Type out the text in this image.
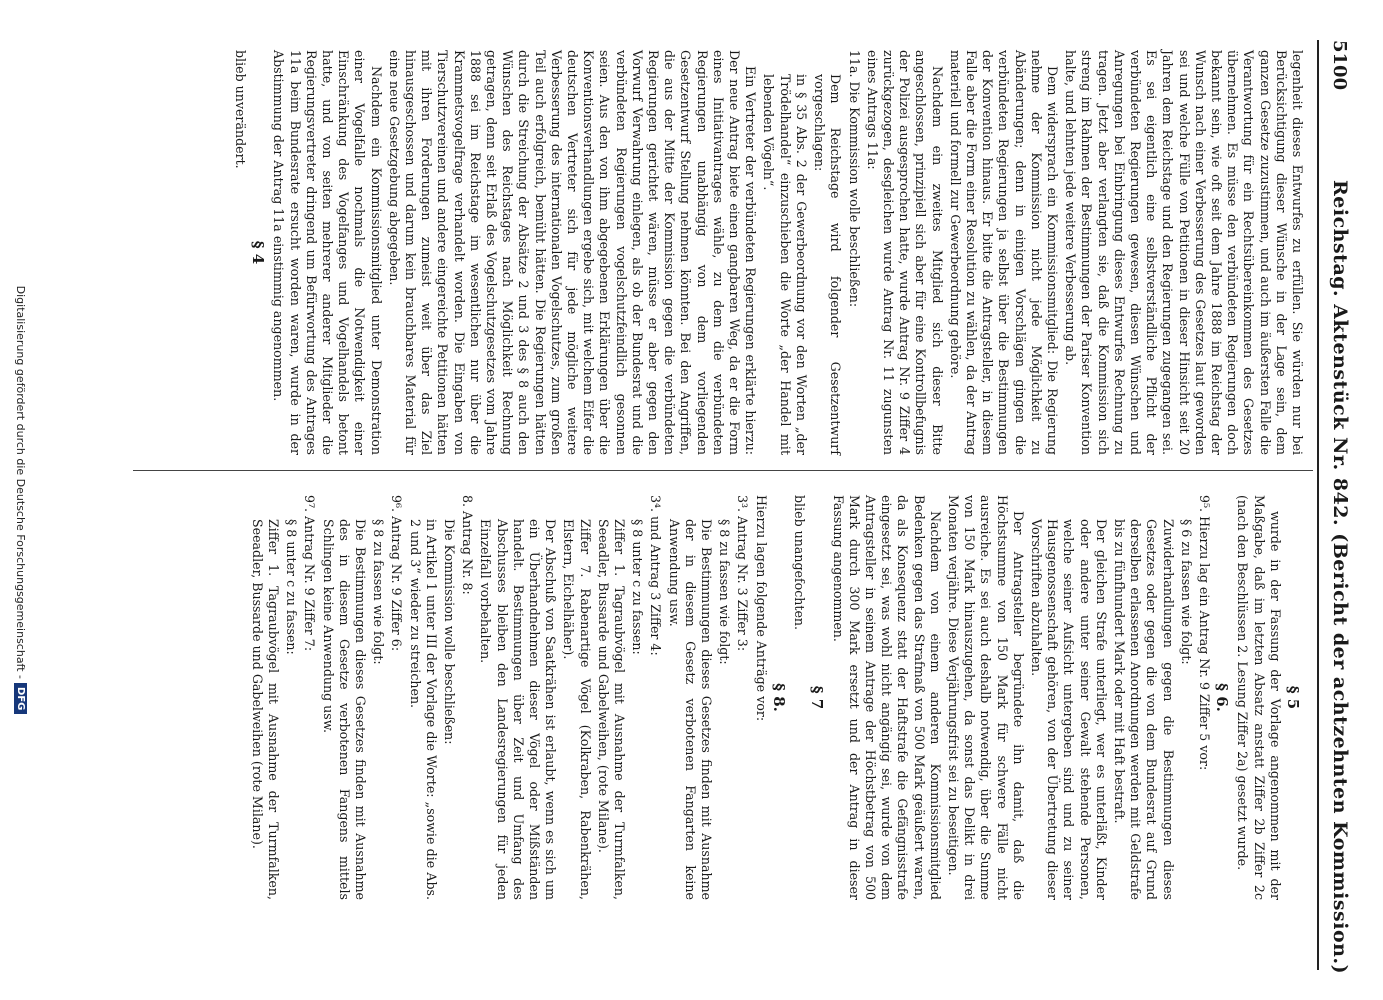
5100
Reichstag. Aktenstück Nr. 842. (Bericht der achtzehnten Kommission.)

legenheit dieses Entwurfes zu erfüllen. Sie würden nur bei Berücksichtigung dieser Wünsche in der Lage sein, dem ganzen Gesetze zuzustimmen, und auch im äußersten Falle die Verantwortung für ein Rechtsübereinkommen des Gesetzes übernehmen. Es müsse den verbündeten Regierungen doch bekannt sein, wie oft seit dem Jahre 1888 im Reichstag der Wunsch nach einer Verbesserung des Gesetzes laut geworden sei und welche Fülle von Petitionen in dieser Hinsicht seit 20 Jahren dem Reichstage und den Regierungen zugegangen sei. Es sei eigentlich eine selbstverständliche Pflicht der verbündeten Regierungen gewesen, diesen Wünschen und Anregungen bei Einbringung dieses Entwurfes Rechnung zu tragen. Jetzt aber verlangten sie, daß die Kommission sich streng im Rahmen der Bestimmungen der Pariser Konvention halte, und lehnten jede weitere Verbesserung ab.

Dem widersprach ein Kommissionsmitglied: Die Regierung nehme der Kommission nicht jede Möglichkeit zu Abänderungen; denn in einigen Vorschlägen gingen die verbündeten Regierungen ja selbst über die Bestimmungen der Konvention hinaus. Er bitte die Antragsteller, in diesem Falle aber die Form einer Resolution zu wählen, da der Antrag materiell und formell zur Gewerbeordnung gehöre.

Nachdem ein zweites Mitglied sich dieser Bitte angeschlossen, prinzipiell sich aber für eine Kontrollbefugnis der Polizei ausgesprochen hatte, wurde Antrag Nr. 9 Ziffer 4 zurückgezogen, desgleichen wurde Antrag Nr. 11 zugunsten eines Antrags 11a:

11a. Die Kommission wolle beschließen:

Dem Reichstage wird folgender Gesetzentwurf vorgeschlagen:

in § 35 Abs. 2 der Gewerbeordnung vor den Worten „der Trödelhandel“ einzuschieben die Worte „der Handel mit lebenden Vögeln“.

Ein Vertreter der verbündeten Regierungen erklärte hierzu: Der neue Antrag biete einen gangbaren Weg, da er die Form eines Initiativantrages wähle, zu dem die verbündeten Regierungen unabhängig von dem vorliegenden Gesetzentwurf Stellung nehmen könnten. Bei den Angriffen, die aus der Mitte der Kommission gegen die verbündeten Regierungen gerichtet wären, müsse er aber gegen den Vorwurf Verwahrung einlegen, als ob der Bundesrat und die verbündeten Regierungen vogelschutzfeindlich gesonnen seien. Aus den von ihm abgegebenen Erklärungen über die Konventionsverhandlungen ergebe sich, mit welchem Eifer die deutschen Vertreter sich für jede mögliche weitere Verbesserung des internationalen Vogelschutzes, zum großen Teil auch erfolgreich, bemüht hätten. Die Regierungen hätten durch die Streichung der Absätze 2 und 3 des § 8 auch den Wünschen des Reichstages nach Möglichkeit Rechnung getragen, denn seit Erlaß des Vogelschutzgesetzes vom Jahre 1888 sei im Reichstage im wesentlichen nur über die Krammetsvogelfrage verhandelt worden. Die Eingaben von Tierschutzvereinen und andere eingereichte Petitionen hätten mit ihren Forderungen zumeist weit über das Ziel hinausgeschossen und darum kein brauchbares Material für eine neue Gesetzgebung abgegeben.

Nachdem ein Kommissionsmitglied unter Demonstration einer Vogelfalle nochmals die Notwendigkeit einer Einschränkung des Vogelfanges und Vogelhandels betont hatte, und von seiten mehrerer anderer Mitglieder die Regierungsvertreter dringend um Befürwortung des Antrages 11a beim Bundesrate ersucht worden waren, wurde in der Abstimmung der Antrag 11a einstimmig angenommen.

§ 4

blieb unverändert.

§ 5

wurde in der Fassung der Vorlage angenommen mit der Maßgabe, daß im letzten Absatz anstatt Ziffer 2b Ziffer 2c (nach den Beschlüssen 2. Lesung Ziffer 2a) gesetzt wurde.

§ 6.

9⁵. Hierzu lag ein Antrag Nr. 9 Ziffer 5 vor:

§ 6 zu fassen wie folgt:

Zuwiderhandlungen gegen die Bestimmungen dieses Gesetzes oder gegen die von dem Bundesrat auf Grund derselben erlassenen Anordnungen werden mit Geldstrafe bis zu fünfhundert Mark oder mit Haft bestraft.

Der gleichen Strafe unterliegt, wer es unterläßt, Kinder oder andere unter seiner Gewalt stehende Personen, welche seiner Aufsicht untergeben sind und zu seiner Hausgenossenschaft gehören, von der Übertretung dieser Vorschriften abzuhalten.

Der Antragsteller begründete ihn damit, daß die Höchstsumme von 150 Mark für schwere Fälle nicht ausreiche. Es sei auch deshalb notwendig, über die Summe von 150 Mark hinauszugehen, da sonst das Delikt in drei Monaten verjähre. Diese Verjährungsfrist sei zu beseitigen.

Nachdem von einem anderen Kommissionsmitglied Bedenken gegen das Strafmaß von 500 Mark geäußert waren, da als Konsequenz statt der Haftstrafe die Gefängnisstrafe eingesetzt sei, was wohl nicht angängig sei, wurde von dem Antragsteller in seinem Antrage der Höchstbetrag von 500 Mark durch 300 Mark ersetzt und der Antrag in dieser Fassung angenommen.

§ 7

blieb unangefochten.

§ 8.

Hierzu lagen folgende Anträge vor:

3³. Antrag Nr. 3 Ziffer 3:

§ 8 zu fassen wie folgt:

Die Bestimmungen dieses Gesetzes finden mit Ausnahme der in diesem Gesetz verbotenen Fangarten keine Anwendung usw.

3⁴. und Antrag 3 Ziffer 4:

§ 8 unter c zu fassen:

Ziffer 1. Tagraubvögel mit Ausnahme der Turmfalken, Seeadler, Bussarde und Gabelweihen, (rote Milane).

Ziffer 7. Rabenartige Vögel (Kolkraben, Rabenkrähen, Elstern, Eichelhäher).

Der Abschuß von Saatkrähen ist erlaubt, wenn es sich um ein Überhandnehmen dieser Vögel oder Mißständen handelt. Bestimmungen über Zeit und Umfang des Abschusses bleiben den Landesregierungen für jeden Einzelfall vorbehalten.

8. Antrag Nr. 8:

Die Kommission wolle beschließen:

in Artikel 1 unter III der Vorlage die Worte: „sowie die Abs. 2 und 3“ wieder zu streichen.

9⁶. Antrag Nr. 9 Ziffer 6:

§ 8 zu fassen wie folgt:

Die Bestimmungen dieses Gesetzes finden mit Ausnahme des in diesem Gesetze verbotenen Fangens mittels Schlingen keine Anwendung usw.

9⁷. Antrag Nr. 9 Ziffer 7:

§ 8 unter c zu fassen:

Ziffer 1. Tagraubvögel mit Ausnahme der Turmfalken, Seeadler, Bussarde und Gabelweihen (rote Milane).

Digitalisierung gefördert durch die Deutsche Forschungsgemeinschaft -
DFG
